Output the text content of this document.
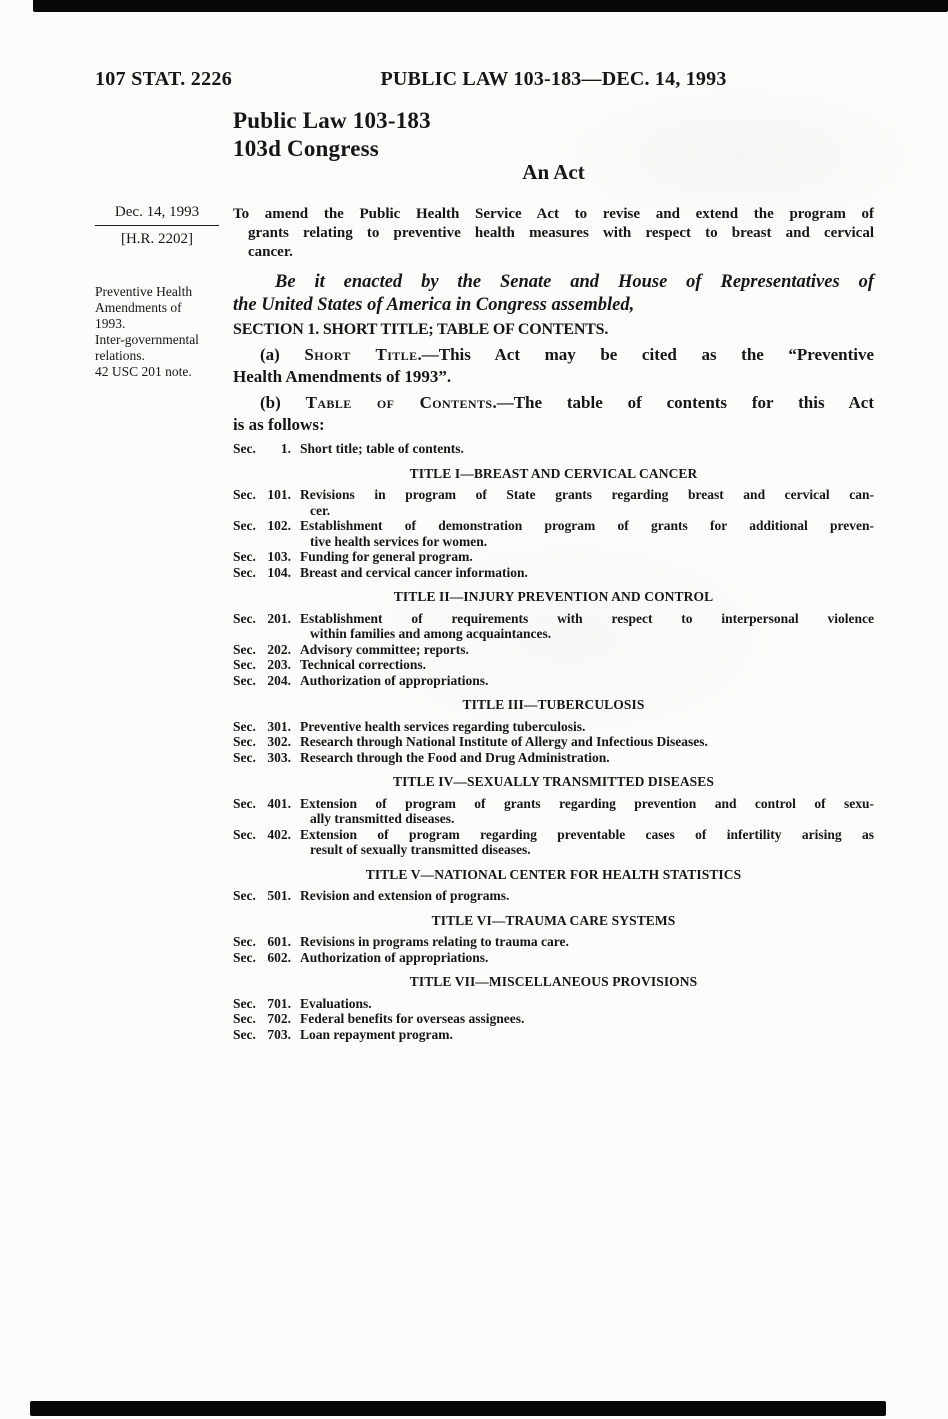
107 STAT. 2226	PUBLIC LAW 103-183—DEC. 14, 1993
Public Law 103-183
103d Congress
An Act
Dec. 14, 1993
[H.R. 2202]
Preventive Health Amendments of 1993.
Inter-governmental relations.
42 USC 201 note.
To amend the Public Health Service Act to revise and extend the program of
grants relating to preventive health measures with respect to breast and cervical
cancer.
Be it enacted by the Senate and House of Representatives of
the United States of America in Congress assembled,
SECTION 1. SHORT TITLE; TABLE OF CONTENTS.
(a) Short Title.—This Act may be cited as the “Preventive
Health Amendments of 1993”.
(b) Table of Contents.—The table of contents for this Act
is as follows:
Sec.	1. Short title; table of contents.
TITLE I—BREAST AND CERVICAL CANCER
Sec. 101. Revisions in program of State grants regarding breast and cervical can-
cer.
Sec. 102. Establishment of demonstration program of grants for additional preven-
tive health services for women.
Sec. 103. Funding for general program.
Sec. 104. Breast and cervical cancer information.
TITLE II—INJURY PREVENTION AND CONTROL
Sec. 201. Establishment of requirements with respect to interpersonal violence
within families and among acquaintances.
Sec. 202. Advisory committee; reports.
Sec. 203. Technical corrections.
Sec. 204. Authorization of appropriations.
TITLE III—TUBERCULOSIS
Sec. 301. Preventive health services regarding tuberculosis.
Sec. 302. Research through National Institute of Allergy and Infectious Diseases.
Sec. 303. Research through the Food and Drug Administration.
TITLE IV—SEXUALLY TRANSMITTED DISEASES
Sec. 401. Extension of program of grants regarding prevention and control of sexu-
ally transmitted diseases.
Sec. 402. Extension of program regarding preventable cases of infertility arising as
result of sexually transmitted diseases.
TITLE V—NATIONAL CENTER FOR HEALTH STATISTICS
Sec. 501. Revision and extension of programs.
TITLE VI—TRAUMA CARE SYSTEMS
Sec. 601. Revisions in programs relating to trauma care.
Sec. 602. Authorization of appropriations.
TITLE VII—MISCELLANEOUS PROVISIONS
Sec. 701. Evaluations.
Sec. 702. Federal benefits for overseas assignees.
Sec. 703. Loan repayment program.
